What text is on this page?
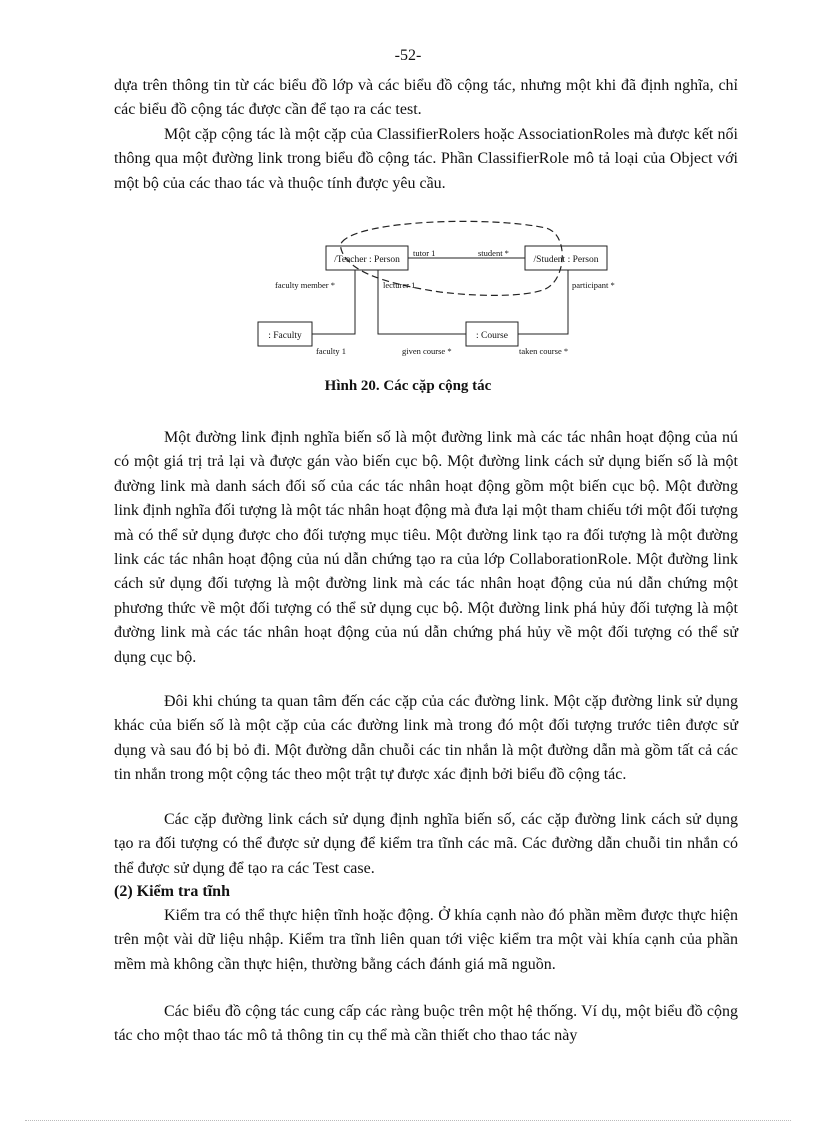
-52-

dựa trên thông tin từ các biểu đồ lớp và các biểu đồ cộng tác, nhưng một khi đã định nghĩa, chỉ các biểu đồ cộng tác được cần để tạo ra các test.

Một cặp cộng tác là một cặp của ClassifierRolers hoặc AssociationRoles mà được kết nối thông qua một đường link trong biểu đồ cộng tác. Phần ClassifierRole mô tả loại của Object với một bộ của các thao tác và thuộc tính được yêu cầu.

/Teacher : Person	/Student : Person
: Faculty	: Course
tutor 1	student *
faculty member *	lecturer 1	participant *
faculty 1	given course *	taken course *
Hình 20. Các cặp cộng tác

Một đường link định nghĩa biến số là một đường link mà các tác nhân hoạt động của nú có một giá trị trả lại và được gán vào biến cục bộ. Một đường link cách sử dụng biến số là một đường link mà danh sách đối số của các tác nhân hoạt động gồm một biến cục bộ. Một đường link định nghĩa đối tượng là một tác nhân hoạt động mà đưa lại một tham chiếu tới một đối tượng mà có thể sử dụng được cho đối tượng mục tiêu. Một đường link tạo ra đối tượng là một đường link các tác nhân hoạt động của nú dẫn chứng tạo ra của lớp CollaborationRole. Một đường link cách sử dụng đối tượng là một đường link mà các tác nhân hoạt động của nú dẫn chứng một phương thức về một đối tượng có thể sử dụng cục bộ. Một đường link phá hủy đối tượng là một đường link mà các tác nhân hoạt động của nú dẫn chứng phá hủy về một đối tượng có thể sử dụng cục bộ.

Đôi khi chúng ta quan tâm đến các cặp của các đường link. Một cặp đường link sử dụng khác của biến số là một cặp của các đường link mà trong đó một đối tượng trước tiên được sử dụng và sau đó bị bỏ đi. Một đường dẫn chuỗi các tin nhắn là một đường dẫn mà gồm tất cả các tin nhắn trong một cộng tác theo một trật tự được xác định bởi biểu đồ cộng tác.

Các cặp đường link cách sử dụng định nghĩa biến số, các cặp đường link cách sử dụng tạo ra đối tượng có thể được sử dụng để kiểm tra tĩnh các mã. Các đường dẫn chuỗi tin nhắn có thể được sử dụng để tạo ra các Test case.

(2) Kiểm tra tĩnh

Kiểm tra có thể thực hiện tĩnh hoặc động. Ở khía cạnh nào đó phần mềm được thực hiện trên một vài dữ liệu nhập. Kiểm tra tĩnh liên quan tới việc kiểm tra một vài khía cạnh của phần mềm mà không cần thực hiện, thường bằng cách đánh giá mã nguồn.

Các biểu đồ cộng tác cung cấp các ràng buộc trên một hệ thống. Ví dụ, một biểu đồ cộng tác cho một thao tác mô tả thông tin cụ thể mà cần thiết cho thao tác này
